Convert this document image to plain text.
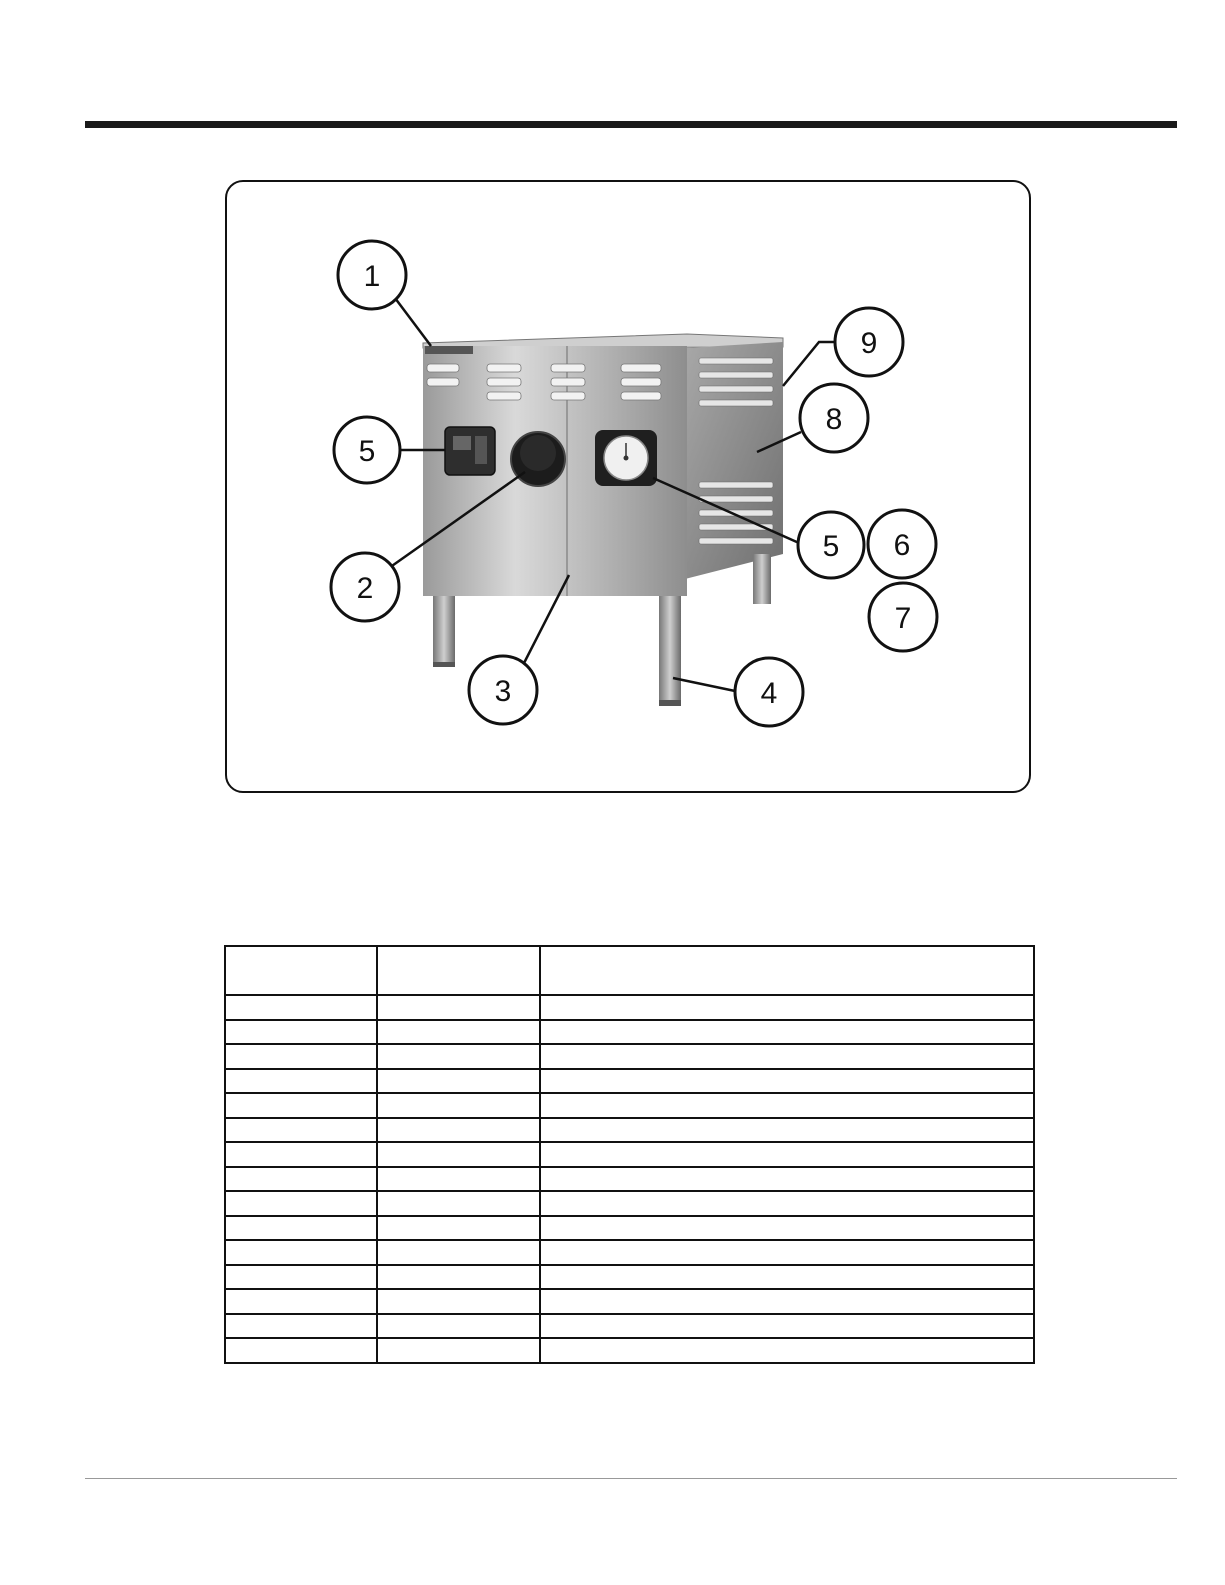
1
5
2
3	4
5 6
7
8
9
